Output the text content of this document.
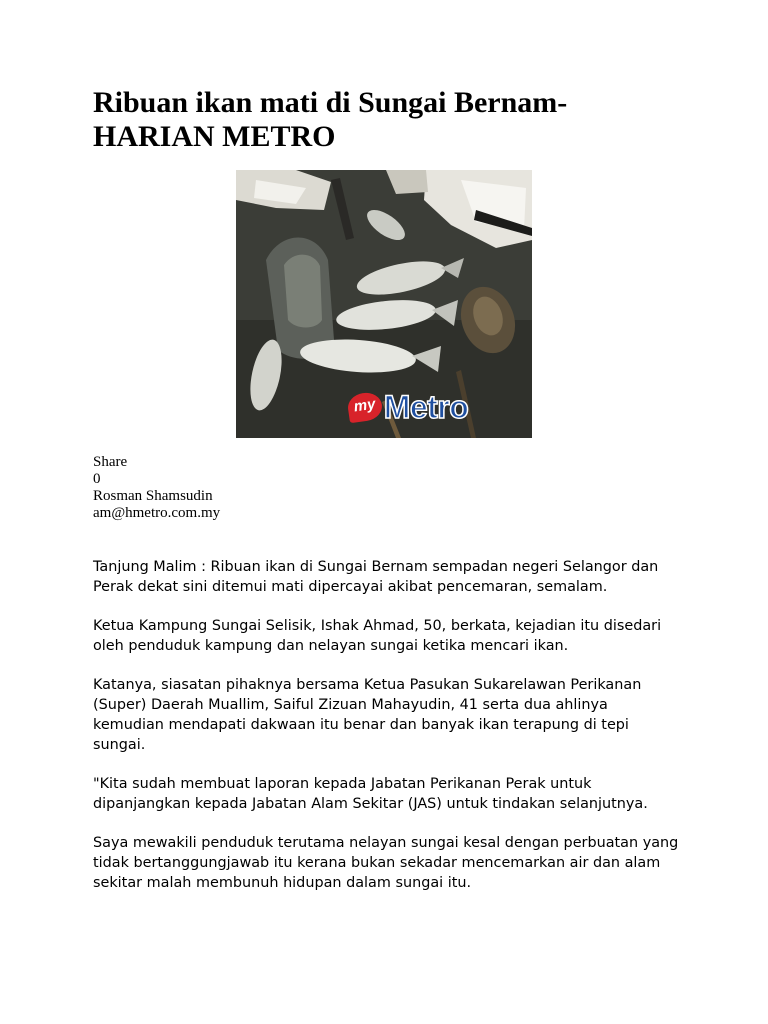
Ribuan ikan mati di Sungai Bernam- HARIAN METRO
my Metro
Share
0
Rosman Shamsudin
am@hmetro.com.my

Tanjung Malim : Ribuan ikan di Sungai Bernam sempadan negeri Selangor dan Perak dekat sini ditemui mati dipercayai akibat pencemaran, semalam.

Ketua Kampung Sungai Selisik, Ishak Ahmad, 50, berkata, kejadian itu disedari oleh penduduk kampung dan nelayan sungai ketika mencari ikan.

Katanya, siasatan pihaknya bersama Ketua Pasukan Sukarelawan Perikanan (Super) Daerah Muallim, Saiful Zizuan Mahayudin, 41 serta dua ahlinya kemudian mendapati dakwaan itu benar dan banyak ikan terapung di tepi sungai.

"Kita sudah membuat laporan kepada Jabatan Perikanan Perak untuk dipanjangkan kepada Jabatan Alam Sekitar (JAS) untuk tindakan selanjutnya.

Saya mewakili penduduk terutama nelayan sungai kesal dengan perbuatan yang tidak bertanggungjawab itu kerana bukan sekadar mencemarkan air dan alam sekitar malah membunuh hidupan dalam sungai itu.
